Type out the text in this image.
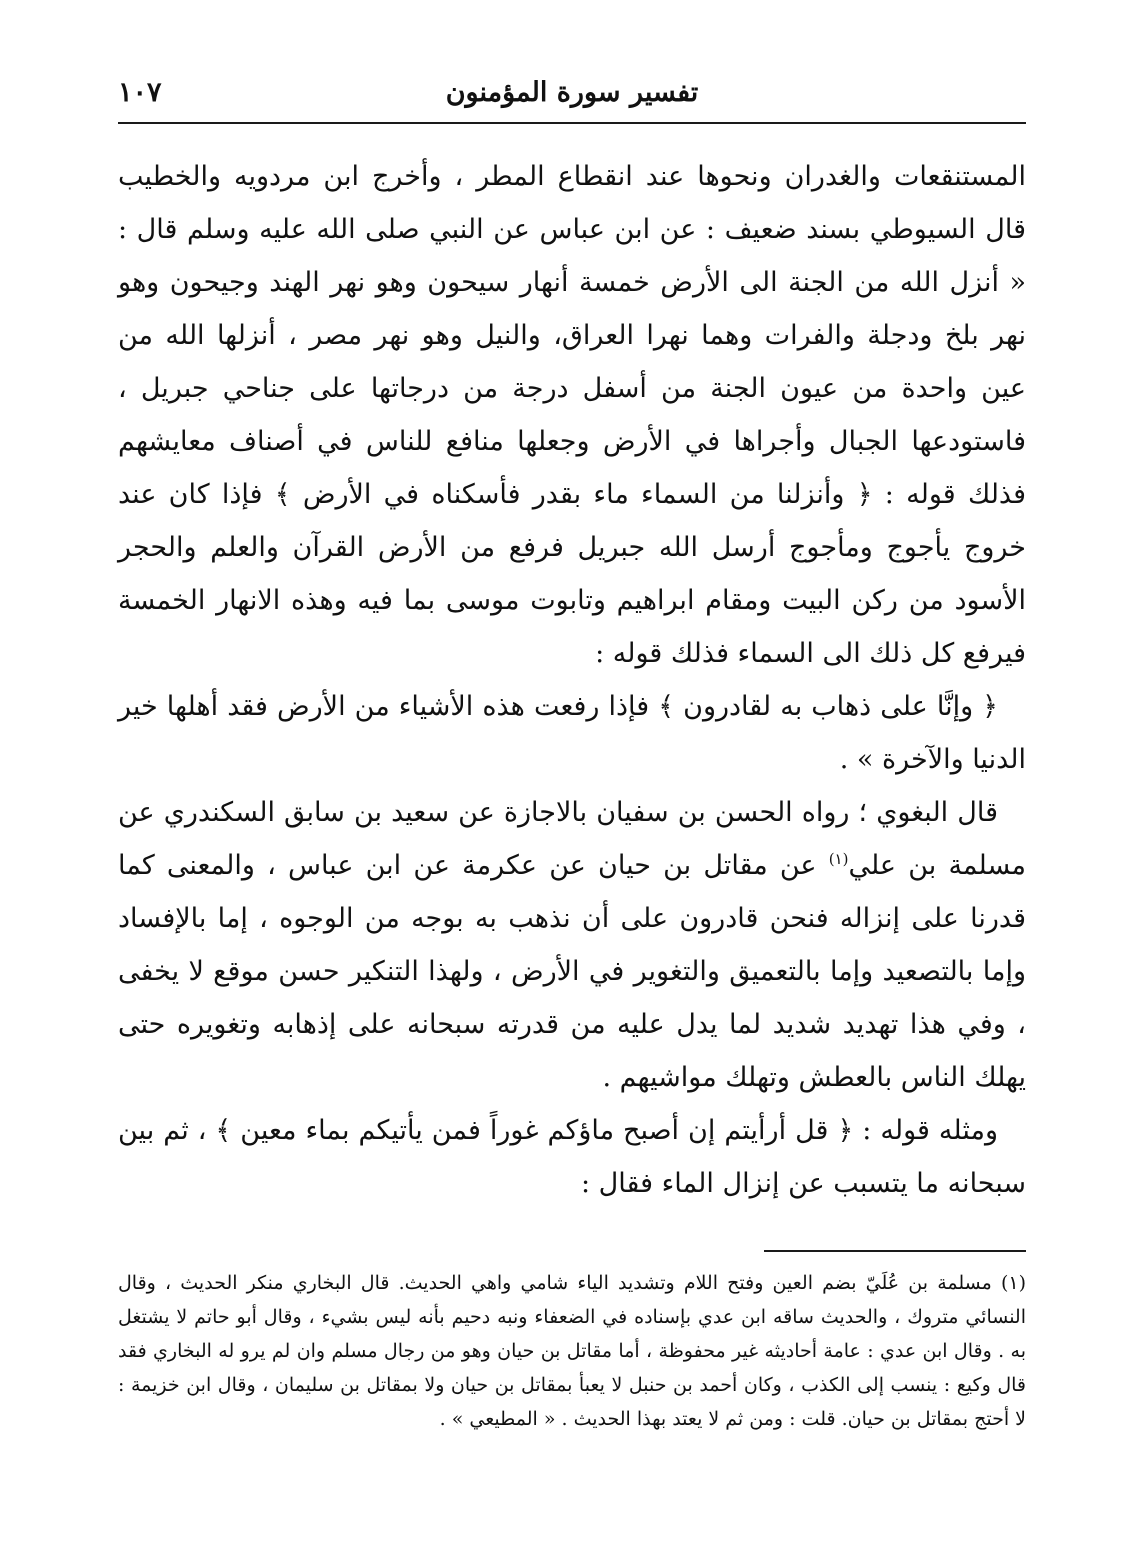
تفسير سورة المؤمنون
١٠٧

المستنقعات والغدران ونحوها عند انقطاع المطر ، وأخرج ابن مردويه والخطيب قال السيوطي بسند ضعيف : عن ابن عباس عن النبي صلى الله عليه وسلم قال : « أنزل الله من الجنة الى الأرض خمسة أنهار سيحون وهو نهر الهند وجيحون وهو نهر بلخ ودجلة والفرات وهما نهرا العراق، والنيل وهو نهر مصر ، أنزلها الله من عين واحدة من عيون الجنة من أسفل درجة من درجاتها على جناحي جبريل ، فاستودعها الجبال وأجراها في الأرض وجعلها منافع للناس في أصناف معايشهم فذلك قوله : ﴿ وأنزلنا من السماء ماء بقدر فأسكناه في الأرض ﴾ فإذا كان عند خروج يأجوج ومأجوج أرسل الله جبريل فرفع من الأرض القرآن والعلم والحجر الأسود من ركن البيت ومقام ابراهيم وتابوت موسى بما فيه وهذه الانهار الخمسة فيرفع كل ذلك الى السماء فذلك قوله :

﴿ وإنَّا على ذهاب به لقادرون ﴾ فإذا رفعت هذه الأشياء من الأرض فقد أهلها خير الدنيا والآخرة » .

قال البغوي ؛ رواه الحسن بن سفيان بالاجازة عن سعيد بن سابق السكندري عن مسلمة بن علي$^{(١)}$ عن مقاتل بن حيان عن عكرمة عن ابن عباس ، والمعنى كما قدرنا على إنزاله فنحن قادرون على أن نذهب به بوجه من الوجوه ، إما بالإفساد وإما بالتصعيد وإما بالتعميق والتغوير في الأرض ، ولهذا التنكير حسن موقع لا يخفى ، وفي هذا تهديد شديد لما يدل عليه من قدرته سبحانه على إذهابه وتغويره حتى يهلك الناس بالعطش وتهلك مواشيهم .

ومثله قوله : ﴿ قل أرأيتم إن أصبح ماؤكم غوراً فمن يأتيكم بماء معين ﴾ ، ثم بين سبحانه ما يتسبب عن إنزال الماء فقال :

(١) مسلمة بن عُلَيّ بضم العين وفتح اللام وتشديد الياء شامي واهي الحديث. قال البخاري منكر الحديث ، وقال النسائي متروك ، والحديث ساقه ابن عدي بإسناده في الضعفاء ونبه دحيم بأنه ليس بشيء ، وقال أبو حاتم لا يشتغل به . وقال ابن عدي : عامة أحاديثه غير محفوظة ، أما مقاتل بن حيان وهو من رجال مسلم وان لم يرو له البخاري فقد قال وكيع : ينسب إلى الكذب ، وكان أحمد بن حنبل لا يعبأ بمقاتل بن حيان ولا بمقاتل بن سليمان ، وقال ابن خزيمة : لا أحتج بمقاتل بن حيان. قلت : ومن ثم لا يعتد بهذا الحديث . « المطيعي » .
